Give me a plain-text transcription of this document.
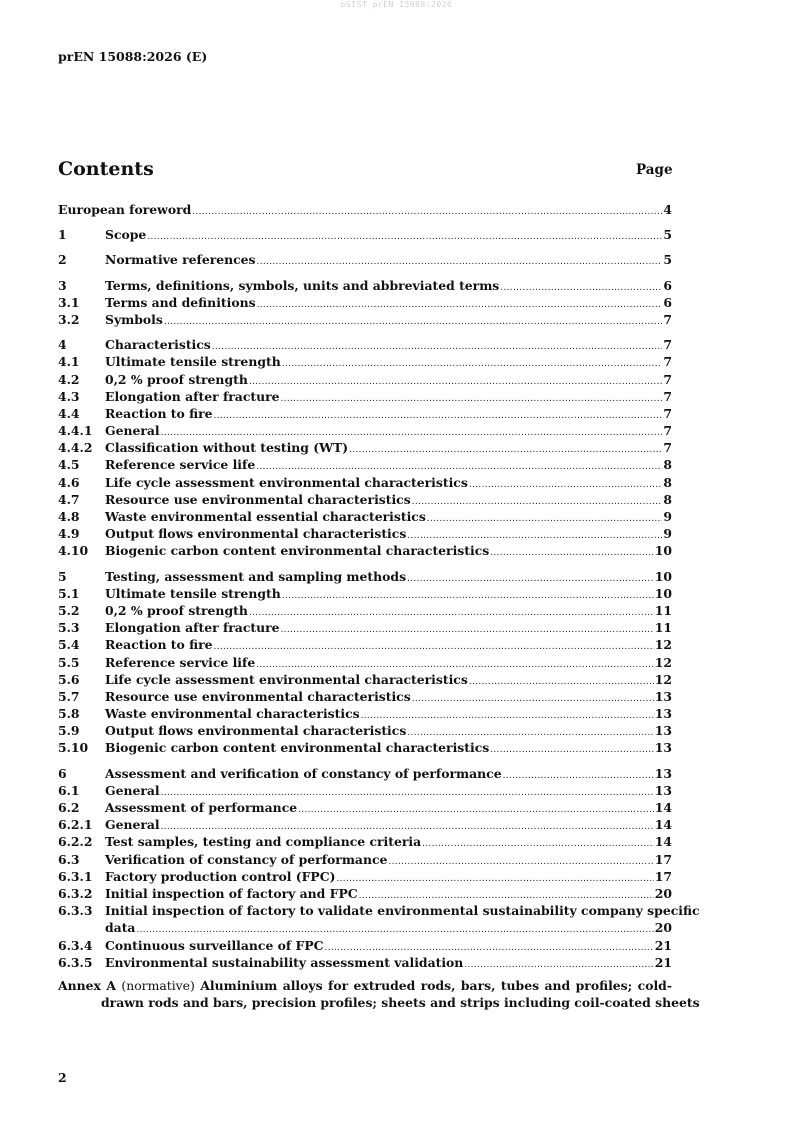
oSIST prEN 15088:2026
prEN 15088:2026 (E)
Contents	Page
European foreword .....	4
1	Scope .....	5
2	Normative references .....	5
3	Terms, definitions, symbols, units and abbreviated terms .....	6
3.1	Terms and definitions .....	6
3.2	Symbols .....	7
4	Characteristics .....	7
4.1	Ultimate tensile strength .....	7
4.2	0,2 % proof strength .....	7
4.3	Elongation after fracture .....	7
4.4	Reaction to fire .....	7
4.4.1	General .....	7
4.4.2	Classification without testing (WT) .....	7
4.5	Reference service life .....	8
4.6	Life cycle assessment environmental characteristics .....	8
4.7	Resource use environmental characteristics .....	8
4.8	Waste environmental essential characteristics .....	9
4.9	Output flows environmental characteristics .....	9
4.10	Biogenic carbon content environmental characteristics .....	10
5	Testing, assessment and sampling methods .....	10
5.1	Ultimate tensile strength .....	10
5.2	0,2 % proof strength .....	11
5.3	Elongation after fracture .....	11
5.4	Reaction to fire .....	12
5.5	Reference service life .....	12
5.6	Life cycle assessment environmental characteristics .....	12
5.7	Resource use environmental characteristics .....	13
5.8	Waste environmental characteristics .....	13
5.9	Output flows environmental characteristics .....	13
5.10	Biogenic carbon content environmental characteristics .....	13
6	Assessment and verification of constancy of performance .....	13
6.1	General .....	13
6.2	Assessment of performance .....	14
6.2.1	General .....	14
6.2.2	Test samples, testing and compliance criteria .....	14
6.3	Verification of constancy of performance .....	17
6.3.1	Factory production control (FPC) .....	17
6.3.2	Initial inspection of factory and FPC .....	20
6.3.3	Initial inspection of factory to validate environmental sustainability company specific
data .....	20
6.3.4	Continuous surveillance of FPC .....	21
6.3.5	Environmental sustainability assessment validation .....	21
Annex A (normative) Aluminium alloys for extruded rods, bars, tubes and profiles; cold-
drawn rods and bars, precision profiles; sheets and strips including coil-coated sheets
2
